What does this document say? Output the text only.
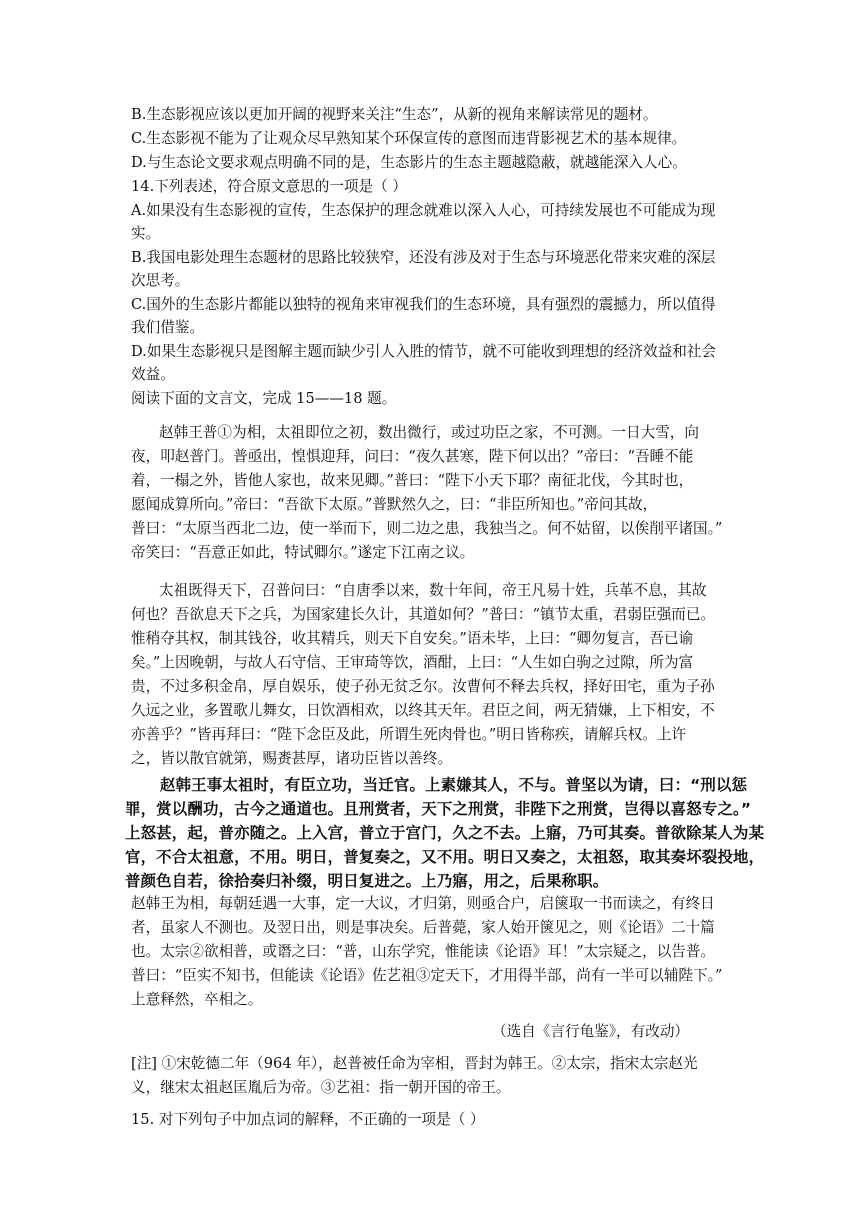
B.生态影视应该以更加开阔的视野来关注“生态”，从新的视角来解读常见的题材。
C.生态影视不能为了让观众尽早熟知某个环保宣传的意图而违背影视艺术的基本规律。
D.与生态论文要求观点明确不同的是，生态影片的生态主题越隐蔽，就越能深入人心。
14.下列表述，符合原文意思的一项是（ ）
A.如果没有生态影视的宣传，生态保护的理念就难以深入人心，可持续发展也不可能成为现
实。
B.我国电影处理生态题材的思路比较狭窄，还没有涉及对于生态与环境恶化带来灾难的深层
次思考。
C.国外的生态影片都能以独特的视角来审视我们的生态环境，具有强烈的震撼力，所以值得
我们借鉴。
D.如果生态影视只是图解主题而缺少引人入胜的情节，就不可能收到理想的经济效益和社会
效益。
阅读下面的文言文，完成 15——18 题。
赵韩王普①为相，太祖即位之初，数出微行，或过功臣之家，不可测。一日大雪，向
夜，叩赵普门。普亟出，惶惧迎拜，问曰：“夜久甚寒，陛下何以出？”帝曰：“吾睡不能
着，一榻之外，皆他人家也，故来见卿。”普曰：“陛下小天下耶？南征北伐，今其时也，
愿闻成算所向。”帝曰：“吾欲下太原。”普默然久之，曰：“非臣所知也。”帝问其故，
普曰：“太原当西北二边，使一举而下，则二边之患，我独当之。何不姑留，以俟削平诸国。”
帝笑曰：“吾意正如此，特试卿尔。”遂定下江南之议。
太祖既得天下，召普问曰：“自唐季以来，数十年间，帝王凡易十姓，兵革不息，其故
何也？吾欲息天下之兵，为国家建长久计，其道如何？”普曰：“镇节太重，君弱臣强而已。
惟稍夺其权，制其钱谷，收其精兵，则天下自安矣。”语未毕，上曰：“卿勿复言，吾已谕
矣。”上因晚朝，与故人石守信、王审琦等饮，酒酣，上曰：“人生如白驹之过隙，所为富
贵，不过多积金帛，厚自娱乐，使子孙无贫乏尔。汝曹何不释去兵权，择好田宅，重为子孙
久远之业，多置歌儿舞女，日饮酒相欢，以终其天年。君臣之间，两无猜嫌，上下相安，不
亦善乎？”皆再拜曰：“陛下念臣及此，所谓生死肉骨也。”明日皆称疾，请解兵权。上许
之，皆以散官就第，赐赉甚厚，诸功臣皆以善终。
赵韩王事太祖时，有臣立功，当迁官。上素嫌其人，不与。普坚以为请，曰：“刑以惩
罪，赏以酬功，古今之通道也。且刑赏者，天下之刑赏，非陛下之刑赏，岂得以喜怒专之。”
上怒甚，起，普亦随之。上入宫，普立于宫门，久之不去。上寤，乃可其奏。普欲除某人为某
官，不合太祖意，不用。明日，普复奏之，又不用。明日又奏之，太祖怒，取其奏坏裂投地，
普颜色自若，徐拾奏归补缀，明日复进之。上乃寤，用之，后果称职。
赵韩王为相，每朝廷遇一大事，定一大议，才归第，则亟合户，启箧取一书而读之，有终日
者，虽家人不测也。及翌日出，则是事决矣。后普薨，家人始开箧见之，则《论语》二十篇
也。太宗②欲相普，或谮之曰：“普，山东学究，惟能读《论语》耳！”太宗疑之，以告普。
普曰：“臣实不知书，但能读《论语》佐艺祖③定天下，才用得半部，尚有一半可以辅陛下。”
上意释然，卒相之。
（选自《言行龟鉴》，有改动）
[注] ①宋乾德二年（964 年），赵普被任命为宰相，晋封为韩王。②太宗，指宋太宗赵光
义，继宋太祖赵匡胤后为帝。③艺祖：指一朝开国的帝王。
15. 对下列句子中加点词的解释，不正确的一项是（ ）
